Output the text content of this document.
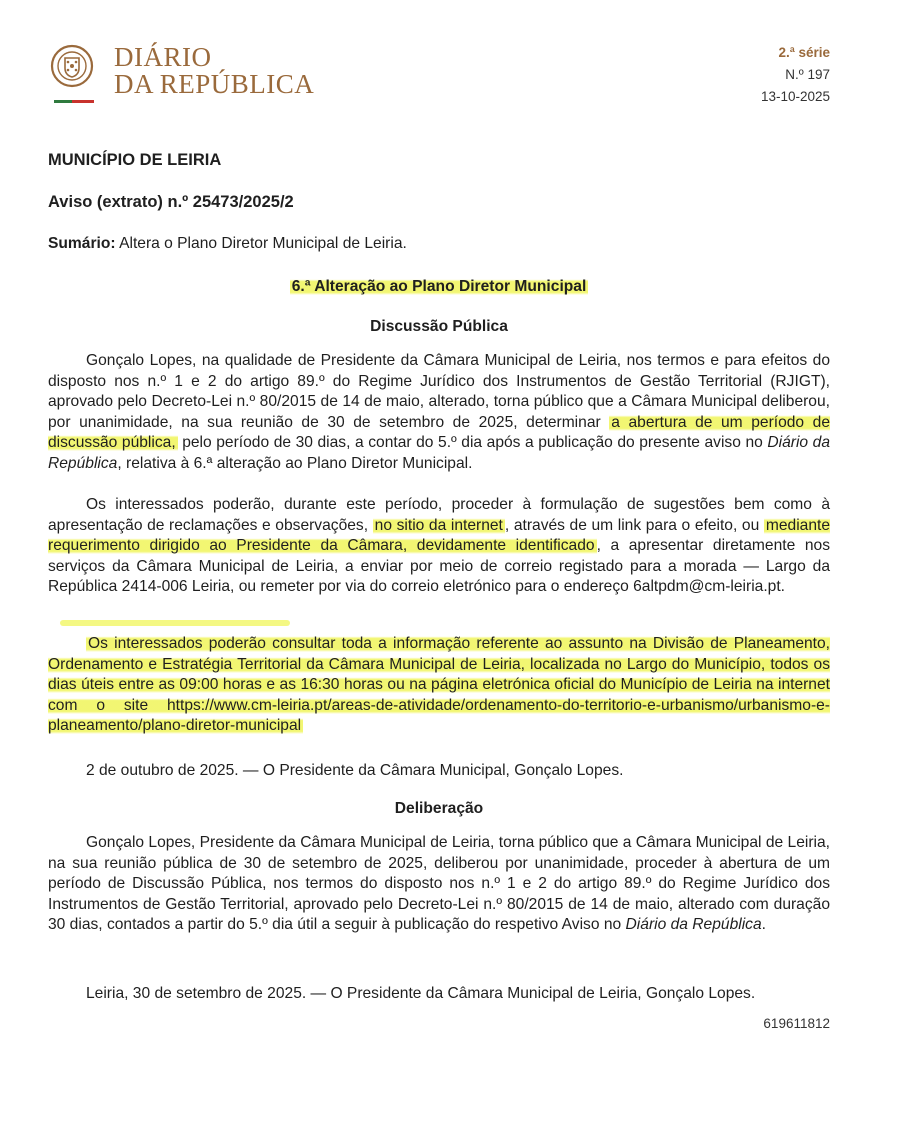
DIÁRIO
DA REPÚBLICA
2.ª série
N.º 197
13-10-2025
MUNICÍPIO DE LEIRIA
Aviso (extrato) n.º 25473/2025/2
Sumário: Altera o Plano Diretor Municipal de Leiria.
6.ª Alteração ao Plano Diretor Municipal
Discussão Pública
Gonçalo Lopes, na qualidade de Presidente da Câmara Municipal de Leiria, nos termos e para efeitos do disposto nos n.º 1 e 2 do artigo 89.º do Regime Jurídico dos Instrumentos de Gestão Territorial (RJIGT), aprovado pelo Decreto-Lei n.º 80/2015 de 14 de maio, alterado, torna público que a Câmara Municipal deliberou, por unanimidade, na sua reunião de 30 de setembro de 2025, determinar a abertura de um período de discussão pública, pelo período de 30 dias, a contar do 5.º dia após a publicação do presente aviso no Diário da República, relativa à 6.ª alteração ao Plano Diretor Municipal.
Os interessados poderão, durante este período, proceder à formulação de sugestões bem como à apresentação de reclamações e observações, no sitio da internet , através de um link para o efeito, ou mediante requerimento dirigido ao Presidente da Câmara, devidamente identificado , a apresentar diretamente nos serviços da Câmara Municipal de Leiria, a enviar por meio de correio registado para a morada — Largo da República 2414-006 Leiria, ou remeter por via do correio eletrónico para o endereço 6altpdm@cm-leiria.pt.
Os interessados poderão consultar toda a informação referente ao assunto na Divisão de Planeamento, Ordenamento e Estratégia Territorial da Câmara Municipal de Leiria, localizada no Largo do Município, todos os dias úteis entre as 09:00 horas e as 16:30 horas ou na página eletrónica oficial do Município de Leiria na internet com o site https://www.cm-leiria.pt/areas-de-atividade/ordenamento-do-territorio-e-urbanismo/urbanismo-e-planeamento/plano-diretor-municipal
2 de outubro de 2025. — O Presidente da Câmara Municipal, Gonçalo Lopes.
Deliberação
Gonçalo Lopes, Presidente da Câmara Municipal de Leiria, torna público que a Câmara Municipal de Leiria, na sua reunião pública de 30 de setembro de 2025, deliberou por unanimidade, proceder à abertura de um período de Discussão Pública, nos termos do disposto nos n.º 1 e 2 do artigo 89.º do Regime Jurídico dos Instrumentos de Gestão Territorial, aprovado pelo Decreto-Lei n.º 80/2015 de 14 de maio, alterado com duração 30 dias, contados a partir do 5.º dia útil a seguir à publicação do respetivo Aviso no Diário da República.
Leiria, 30 de setembro de 2025. — O Presidente da Câmara Municipal de Leiria, Gonçalo Lopes.
619611812
